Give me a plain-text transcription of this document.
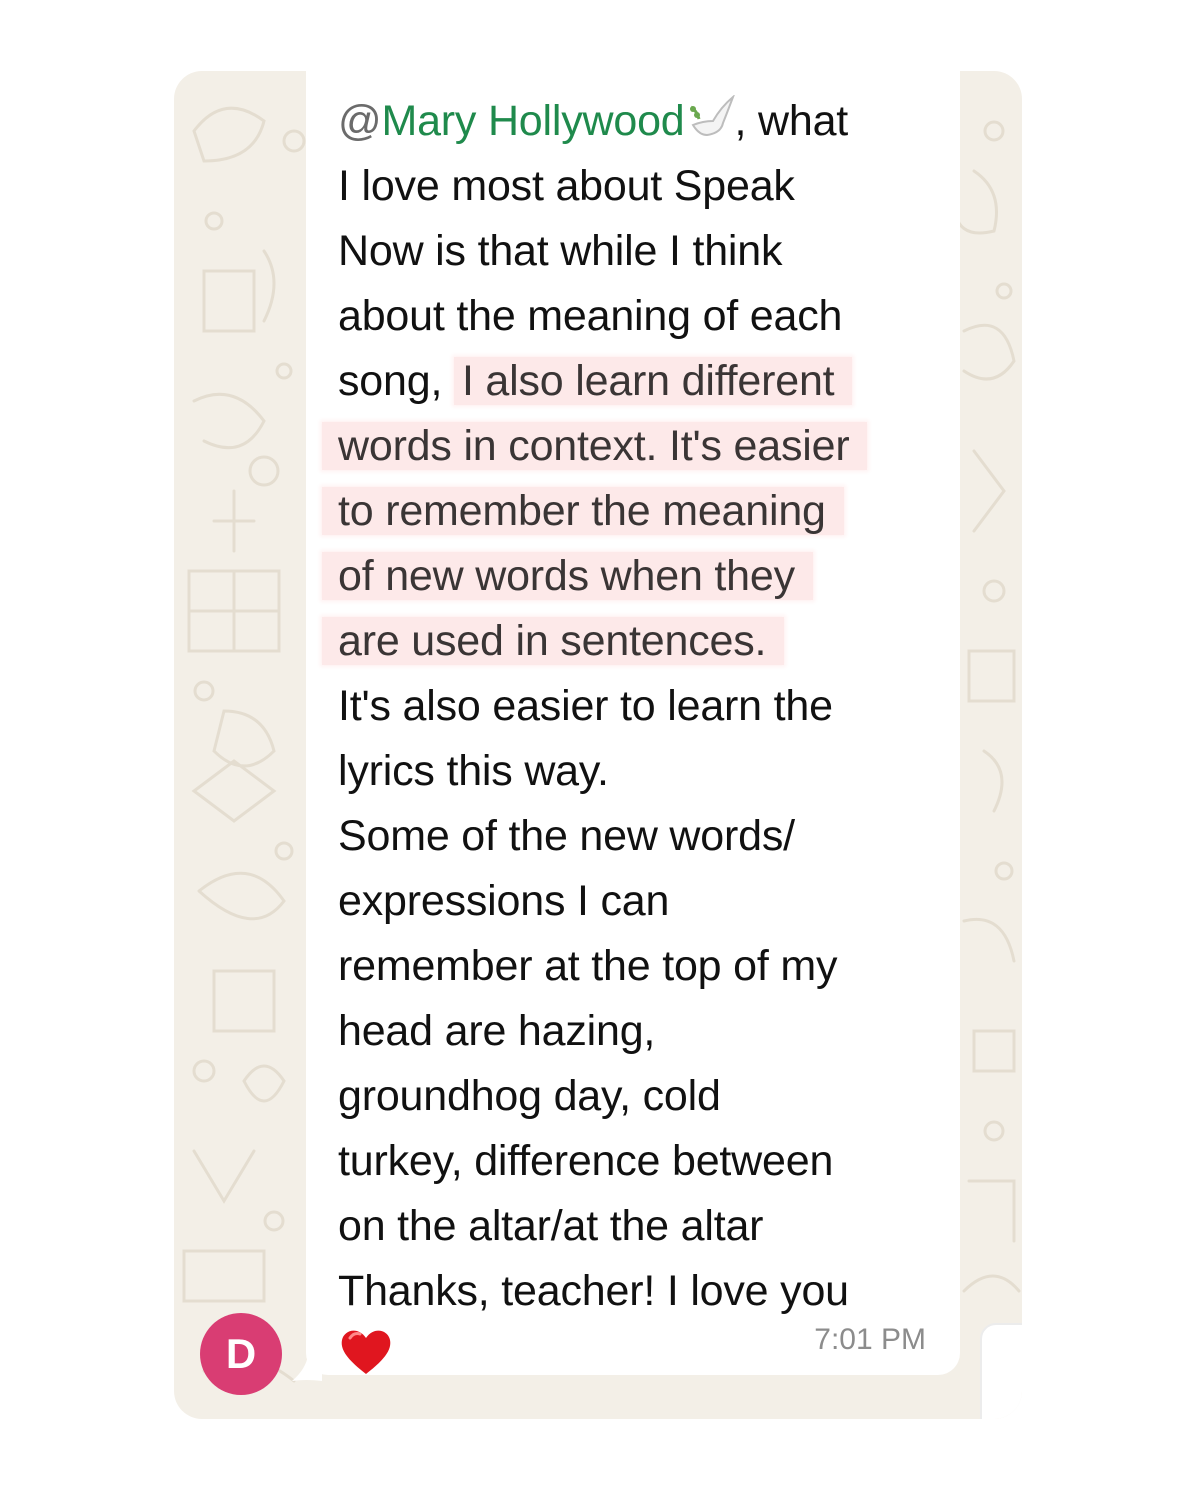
@Mary Hollywood , what
I love most about Speak
Now is that while I think
about the meaning of each
song, I also learn different
words in context. It's easier
to remember the meaning
of new words when they
are used in sentences.
It's also easier to learn the
lyrics this way.
Some of the new words/
expressions I can
remember at the top of my
head are hazing,
groundhog day, cold
turkey, difference between
on the altar/at the altar
Thanks, teacher! I love you
7:01 PM
D
